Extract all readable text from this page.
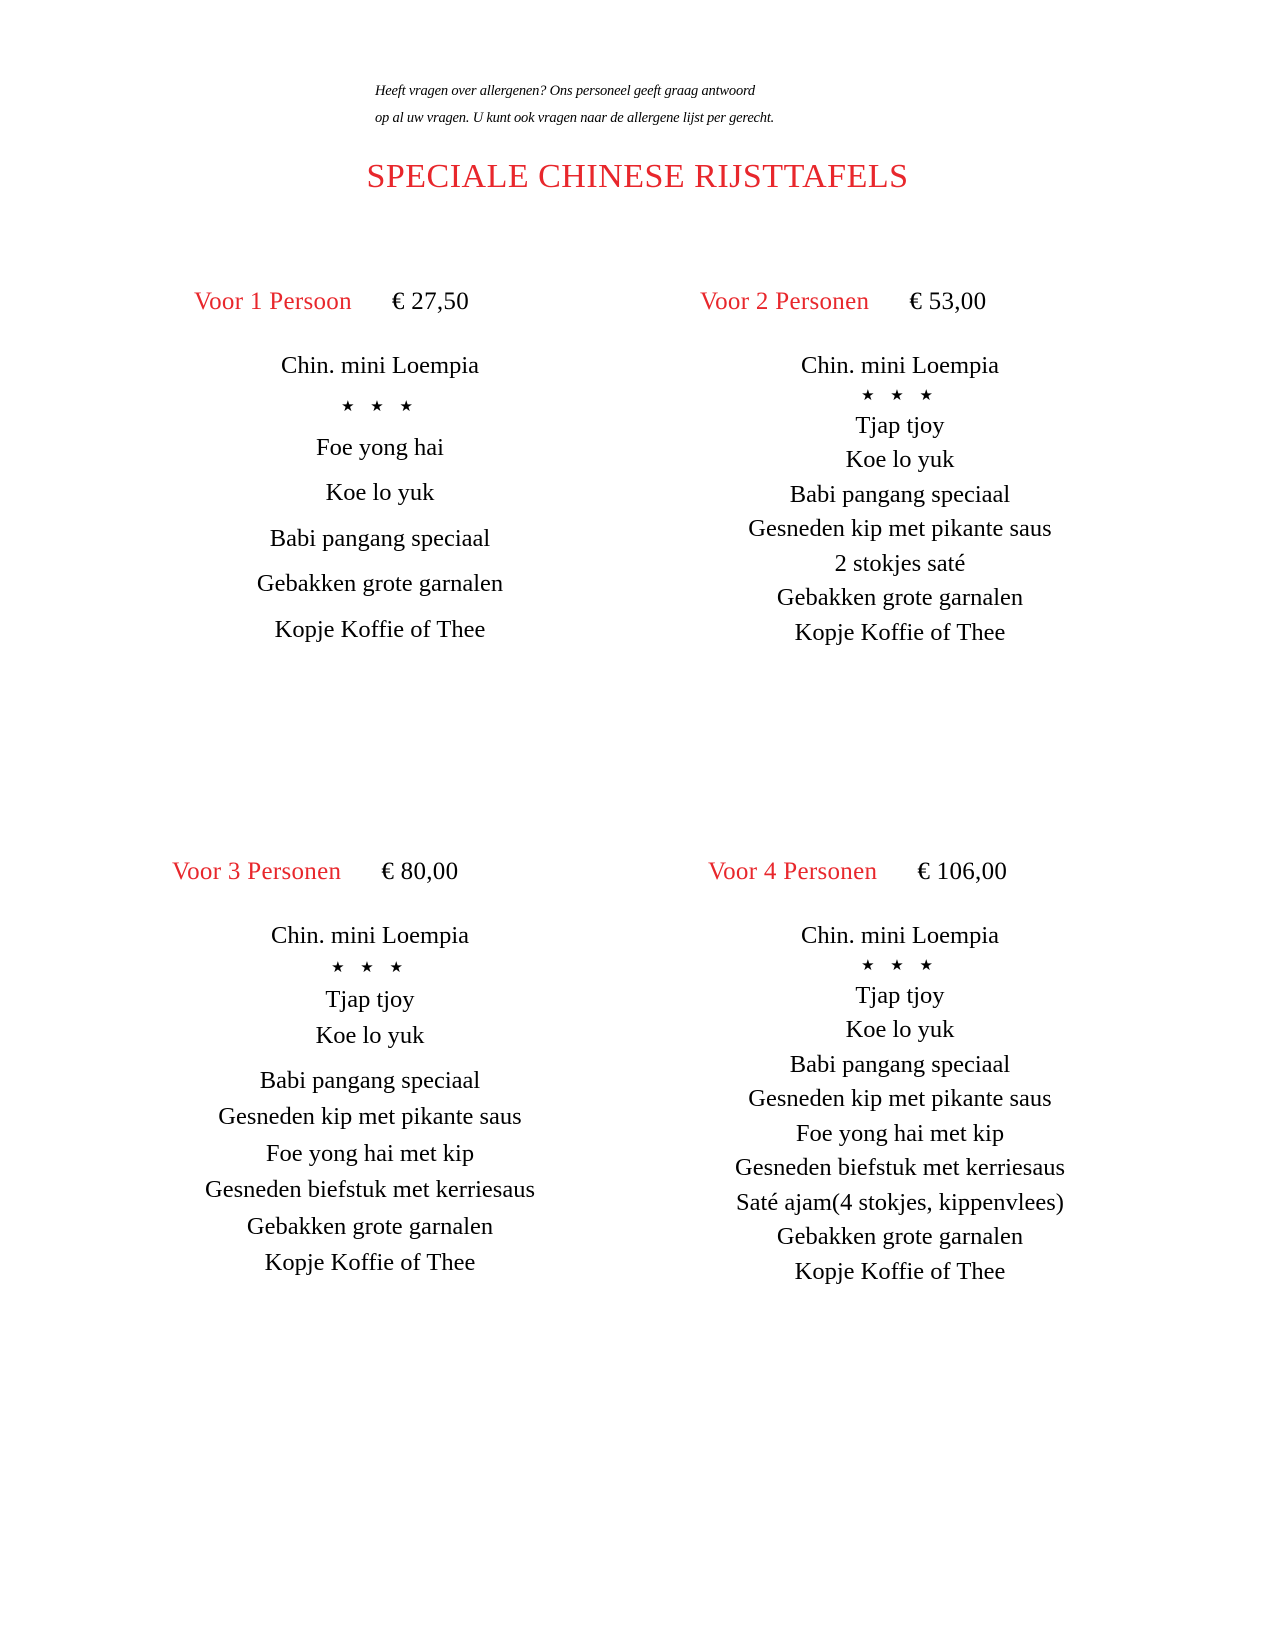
Heeft vragen over allergenen? Ons personeel geeft graag antwoord
op al uw vragen. U kunt ook vragen naar de allergene lijst per gerecht.
SPECIALE CHINESE RIJSTTAFELS
Voor 1 Persoon € 27,50
Chin. mini Loempia
★ ★ ★
Foe yong hai
Koe lo yuk
Babi pangang speciaal
Gebakken grote garnalen
Kopje Koffie of Thee
Voor 2 Personen € 53,00
Chin. mini Loempia
★ ★ ★
Tjap tjoy
Koe lo yuk
Babi pangang speciaal
Gesneden kip met pikante saus
2 stokjes saté
Gebakken grote garnalen
Kopje Koffie of Thee
Voor 3 Personen € 80,00
Chin. mini Loempia
★ ★ ★
Tjap tjoy
Koe lo yuk
Babi pangang speciaal
Gesneden kip met pikante saus
Foe yong hai met kip
Gesneden biefstuk met kerriesaus
Gebakken grote garnalen
Kopje Koffie of Thee
Voor 4 Personen € 106,00
Chin. mini Loempia
★ ★ ★
Tjap tjoy
Koe lo yuk
Babi pangang speciaal
Gesneden kip met pikante saus
Foe yong hai met kip
Gesneden biefstuk met kerriesaus
Saté ajam(4 stokjes, kippenvlees)
Gebakken grote garnalen
Kopje Koffie of Thee
